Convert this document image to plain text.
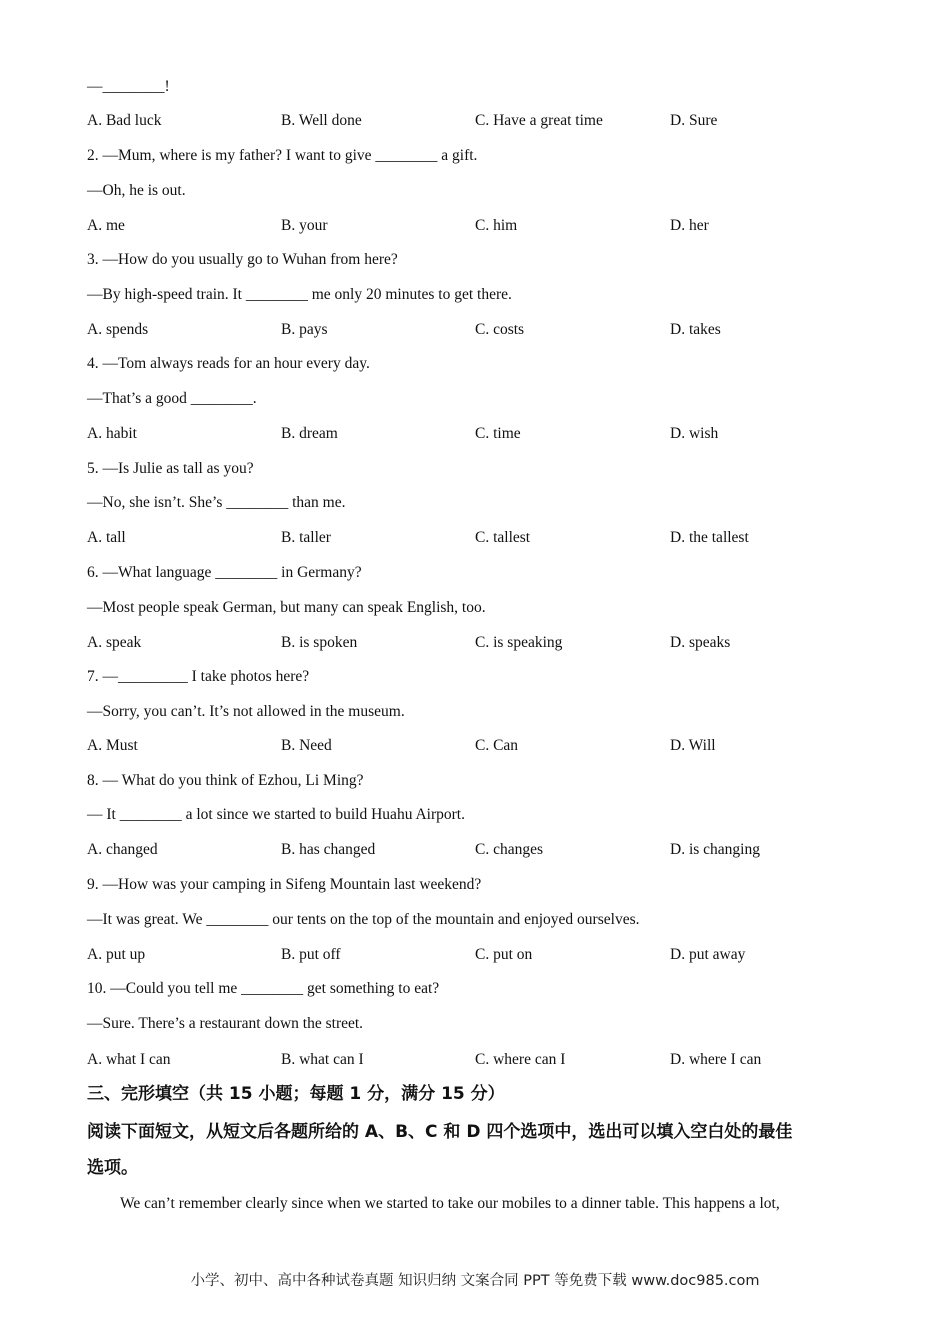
—________!
A. Bad luck	B. Well done	C. Have a great time	D. Sure
2. —Mum, where is my father? I want to give ________ a gift.
—Oh, he is out.
A. me	B. your	C. him	D. her
3. —How do you usually go to Wuhan from here?
—By high-speed train. It ________ me only 20 minutes to get there.
A. spends	B. pays	C. costs	D. takes
4. —Tom always reads for an hour every day.
—That’s a good ________.
A. habit	B. dream	C. time	D. wish
5. —Is Julie as tall as you?
—No, she isn’t. She’s ________ than me.
A. tall	B. taller	C. tallest	D. the tallest
6. —What language ________ in Germany?
—Most people speak German, but many can speak English, too.
A. speak	B. is spoken	C. is speaking	D. speaks
7. —_________ I take photos here?
—Sorry, you can’t. It’s not allowed in the museum.
A. Must	B. Need	C. Can	D. Will
8. — What do you think of Ezhou, Li Ming?
— It ________ a lot since we started to build Huahu Airport.
A. changed	B. has changed	C. changes	D. is changing
9. —How was your camping in Sifeng Mountain last weekend?
—It was great. We ________ our tents on the top of the mountain and enjoyed ourselves.
A. put up	B. put off	C. put on	D. put away
10. —Could you tell me ________ get something to eat?
—Sure. There’s a restaurant down the street.
A. what I can	B. what can I	C. where can I	D. where I can
三、完形填空（共 15 小题；每题 1 分，满分 15 分）
阅读下面短文，从短文后各题所给的 A、B、C 和 D 四个选项中，选出可以填入空白处的最佳
选项。
We can’t remember clearly since when we started to take our mobiles to a dinner table. This happens a lot,
小学、初中、高中各种试卷真题 知识归纳 文案合同 PPT 等免费下载 www.doc985.com
